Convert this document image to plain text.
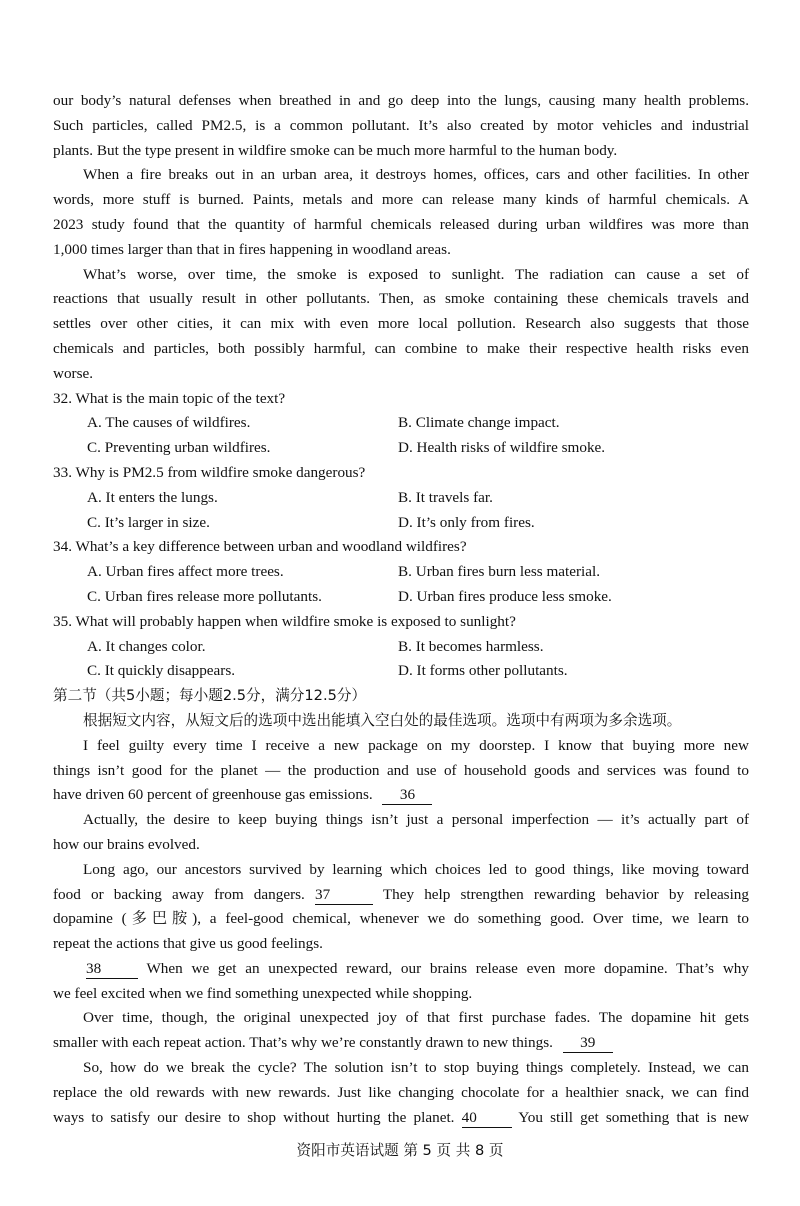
our body’s natural defenses when breathed in and go deep into the lungs, causing many health problems.
Such particles, called PM2.5, is a common pollutant. It’s also created by motor vehicles and industrial
plants. But the type present in wildfire smoke can be much more harmful to the human body.
When a fire breaks out in an urban area, it destroys homes, offices, cars and other facilities. In other
words, more stuff is burned. Paints, metals and more can release many kinds of harmful chemicals. A
2023 study found that the quantity of harmful chemicals released during urban wildfires was more than
1,000 times larger than that in fires happening in woodland areas.
What’s worse, over time, the smoke is exposed to sunlight. The radiation can cause a set of
reactions that usually result in other pollutants. Then, as smoke containing these chemicals travels and
settles over other cities, it can mix with even more local pollution. Research also suggests that those
chemicals and particles, both possibly harmful, can combine to make their respective health risks even
worse.
32. What is the main topic of the text?
A. The causes of wildfires.	B. Climate change impact.
C. Preventing urban wildfires.	D. Health risks of wildfire smoke.
33. Why is PM2.5 from wildfire smoke dangerous?
A. It enters the lungs.	B. It travels far.
C. It’s larger in size.	D. It’s only from fires.
34. What’s a key difference between urban and woodland wildfires?
A. Urban fires affect more trees.	B. Urban fires burn less material.
C. Urban fires release more pollutants.	D. Urban fires produce less smoke.
35. What will probably happen when wildfire smoke is exposed to sunlight?
A. It changes color.	B. It becomes harmless.
C. It quickly disappears.	D. It forms other pollutants.
第二节（共5小题；每小题2.5分，满分12.5分）
根据短文内容，从短文后的选项中选出能填入空白处的最佳选项。选项中有两项为多余选项。
I feel guilty every time I receive a new package on my doorstep. I know that buying more new
things isn’t good for the planet — the production and use of household goods and services was found to
have driven 60 percent of greenhouse gas emissions. 36
Actually, the desire to keep buying things isn’t just a personal imperfection — it’s actually part of
how our brains evolved.
Long ago, our ancestors survived by learning which choices led to good things, like moving toward
food or backing away from dangers. 37	They help strengthen rewarding behavior by releasing
dopamine (多巴胺), a feel-good chemical, whenever we do something good. Over time, we learn to
repeat the actions that give us good feelings.
38	When we get an unexpected reward, our brains release even more dopamine. That’s why
we feel excited when we find something unexpected while shopping.
Over time, though, the original unexpected joy of that first purchase fades. The dopamine hit gets
smaller with each repeat action. That’s why we’re constantly drawn to new things. 39
So, how do we break the cycle? The solution isn’t to stop buying things completely. Instead, we can
replace the old rewards with new rewards. Just like changing chocolate for a healthier snack, we can find
ways to satisfy our desire to shop without hurting the planet. 40	You still get something that is new
资阳市英语试题 第 5 页 共 8 页
